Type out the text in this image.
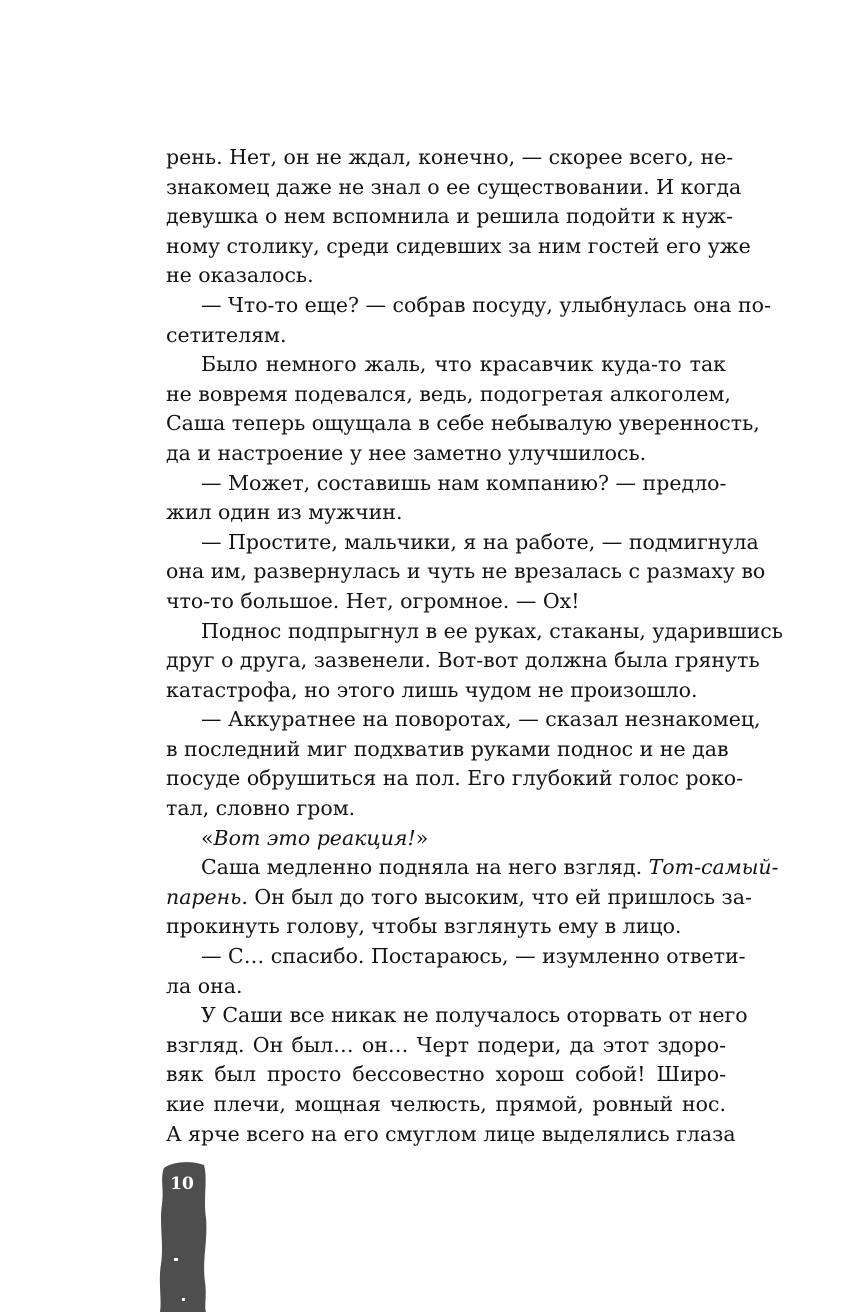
рень. Нет, он не ждал, конечно, — скорее всего, не-
знакомец даже не знал о ее существовании. И когда
девушка о нем вспомнила и решила подойти к нуж-
ному столику, среди сидевших за ним гостей его уже
не оказалось.
— Что-то еще? — собрав посуду, улыбнулась она по-
сетителям.
Было немного жаль, что красавчик куда-то так
не вовремя подевался, ведь, подогретая алкоголем,
Саша теперь ощущала в себе небывалую уверенность,
да и настроение у нее заметно улучшилось.
— Может, составишь нам компанию? — предло-
жил один из мужчин.
— Простите, мальчики, я на работе, — подмигнула
она им, развернулась и чуть не врезалась с размаху во
что-то большое. Нет, огромное. — Ох!
Поднос подпрыгнул в ее руках, стаканы, ударившись
друг о друга, зазвенели. Вот-вот должна была грянуть
катастрофа, но этого лишь чудом не произошло.
— Аккуратнее на поворотах, — сказал незнакомец,
в последний миг подхватив руками поднос и не дав
посуде обрушиться на пол. Его глубокий голос роко-
тал, словно гром.
«Вот это реакция!»
Саша медленно подняла на него взгляд. Тот-самый-
парень. Он был до того высоким, что ей пришлось за-
прокинуть голову, чтобы взглянуть ему в лицо.
— С… спасибо. Постараюсь, — изумленно ответи-
ла она.
У Саши все никак не получалось оторвать от него
взгляд. Он был… он… Черт подери, да этот здоро-
вяк был просто бессовестно хорош собой! Широ-
кие плечи, мощная челюсть, прямой, ровный нос.
А ярче всего на его смуглом лице выделялись глаза
10
